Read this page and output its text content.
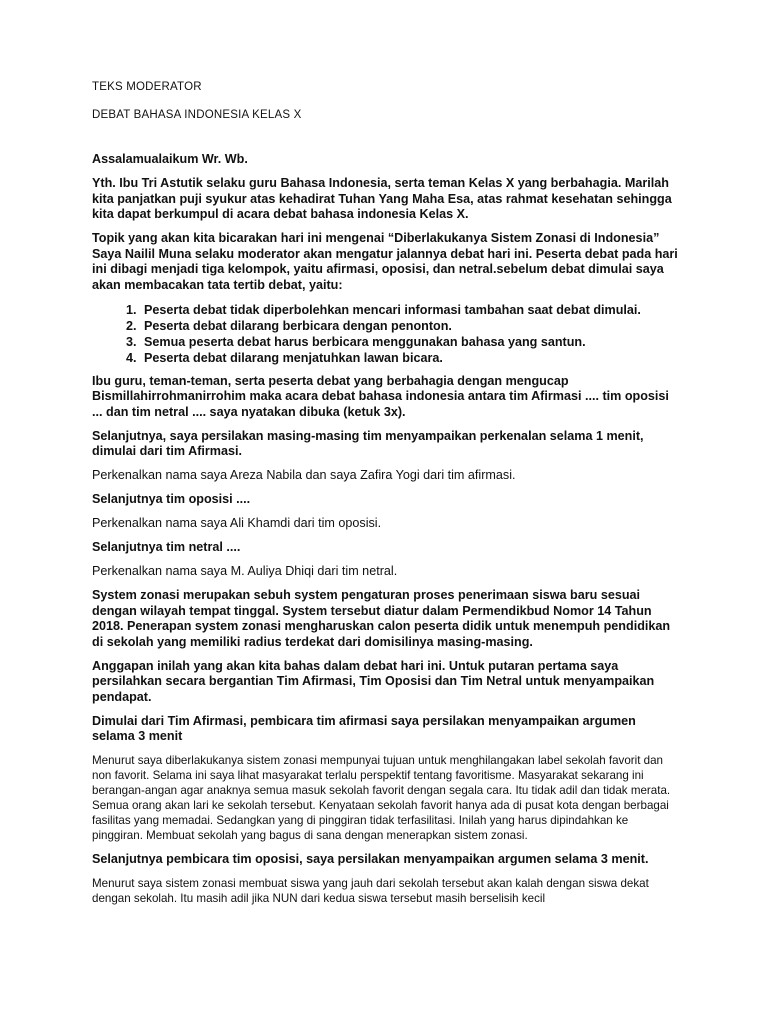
TEKS MODERATOR
DEBAT BAHASA INDONESIA KELAS X

Assalamualaikum Wr. Wb.

Yth. Ibu Tri Astutik selaku guru Bahasa Indonesia, serta teman Kelas X yang berbahagia. Marilah kita panjatkan puji syukur atas kehadirat Tuhan Yang Maha Esa, atas rahmat kesehatan sehingga kita dapat berkumpul di acara debat bahasa indonesia Kelas X.

Topik yang akan kita bicarakan hari ini mengenai “Diberlakukanya Sistem Zonasi di Indonesia” Saya Nailil Muna selaku moderator akan mengatur jalannya debat hari ini. Peserta debat pada hari ini dibagi menjadi tiga kelompok, yaitu afirmasi, oposisi, dan netral.sebelum debat dimulai saya akan membacakan tata tertib debat, yaitu:

1. Peserta debat tidak diperbolehkan mencari informasi tambahan saat debat dimulai.
2. Peserta debat dilarang berbicara dengan penonton.
3. Semua peserta debat harus berbicara menggunakan bahasa yang santun.
4. Peserta debat dilarang menjatuhkan lawan bicara.

Ibu guru, teman-teman, serta peserta debat yang berbahagia dengan mengucap Bismillahirrohmanirrohim maka acara debat bahasa indonesia antara tim Afirmasi .... tim oposisi ... dan tim netral .... saya nyatakan dibuka (ketuk 3x).

Selanjutnya, saya persilakan masing-masing tim menyampaikan perkenalan selama 1 menit, dimulai dari tim Afirmasi.

Perkenalkan nama saya Areza Nabila dan saya Zafira Yogi dari tim afirmasi.

Selanjutnya tim oposisi ....

Perkenalkan nama saya Ali Khamdi dari tim oposisi.

Selanjutnya tim netral ....

Perkenalkan nama saya M. Auliya Dhiqi dari tim netral.

System zonasi merupakan sebuh system pengaturan proses penerimaan siswa baru sesuai dengan wilayah tempat tinggal. System tersebut diatur dalam Permendikbud Nomor 14 Tahun 2018. Penerapan system zonasi mengharuskan calon peserta didik untuk menempuh pendidikan di sekolah yang memiliki radius terdekat dari domisilinya masing-masing.

Anggapan inilah yang akan kita bahas dalam debat hari ini. Untuk putaran pertama saya persilahkan secara bergantian Tim Afirmasi, Tim Oposisi dan Tim Netral untuk menyampaikan pendapat.

Dimulai dari Tim Afirmasi, pembicara tim afirmasi saya persilakan menyampaikan argumen selama 3 menit

Menurut saya diberlakukanya sistem zonasi mempunyai tujuan untuk menghilangakan label sekolah favorit dan non favorit. Selama ini saya lihat masyarakat terlalu perspektif tentang favoritisme. Masyarakat sekarang ini berangan-angan agar anaknya semua masuk sekolah favorit dengan segala cara. Itu tidak adil dan tidak merata. Semua orang akan lari ke sekolah tersebut. Kenyataan sekolah favorit hanya ada di pusat kota dengan berbagai fasilitas yang memadai. Sedangkan yang di pinggiran tidak terfasilitasi. Inilah yang harus dipindahkan ke pinggiran. Membuat sekolah yang bagus di sana dengan menerapkan sistem zonasi.

Selanjutnya pembicara tim oposisi, saya persilakan menyampaikan argumen selama 3 menit.

Menurut saya sistem zonasi membuat siswa yang jauh dari sekolah tersebut akan kalah dengan siswa dekat dengan sekolah. Itu masih adil jika NUN dari kedua siswa tersebut masih berselisih kecil
